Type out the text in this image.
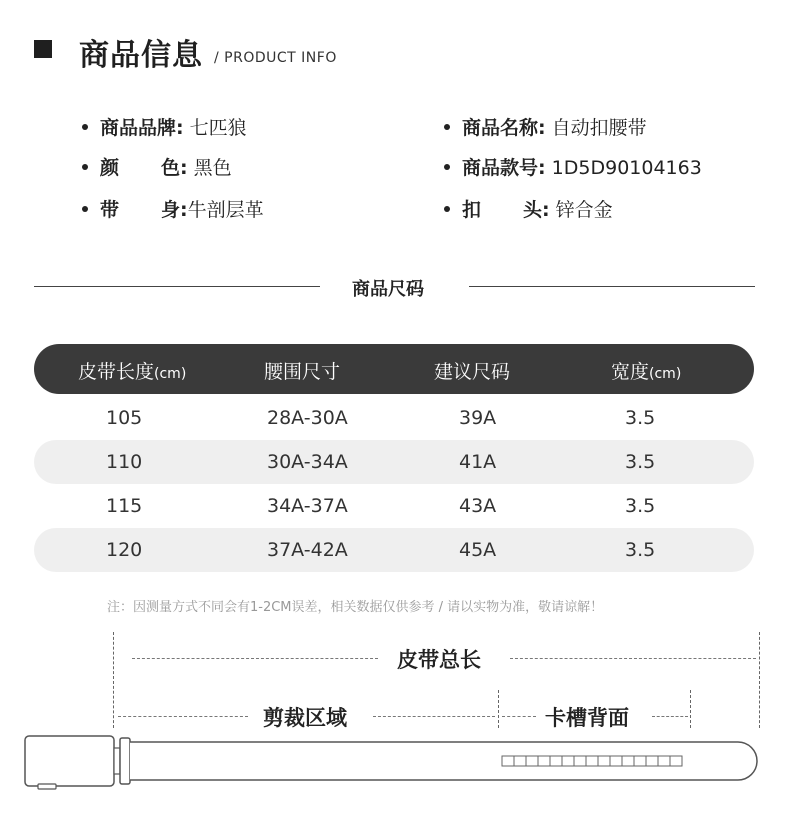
商品信息 / PRODUCT INFO
商品品牌: 七匹狼	商品名称: 自动扣腰带
颜 色: 黑色	商品款号: 1D5D90104163
带 身:牛剖层革	扣 头: 锌合金
商品尺码
皮带长度(cm)	腰围尺寸	建议尺码	宽度(cm)
105	28A-30A	39A	3.5
110	30A-34A	41A	3.5
115	34A-37A	43A	3.5
120	37A-42A	45A	3.5
注：因测量方式不同会有1-2CM误差，相关数据仅供参考 / 请以实物为准，敬请谅解！
皮带总长
剪裁区域	卡槽背面
